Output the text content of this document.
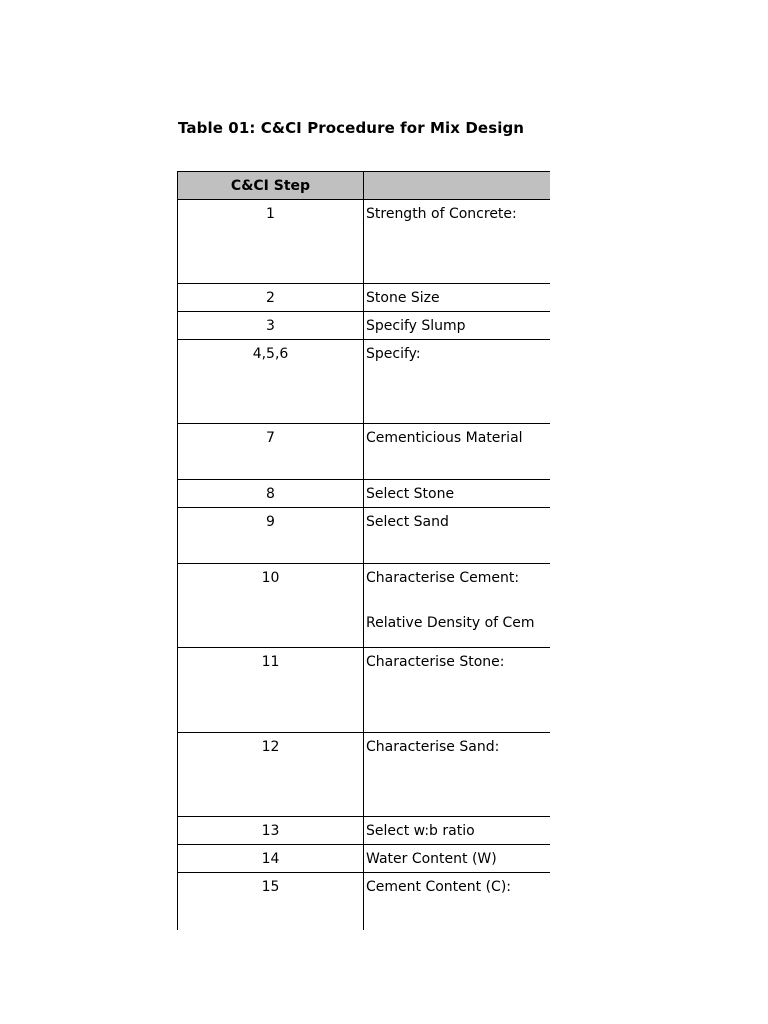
Table 01: C&CI Procedure for Mix Design
C&CI Step	
1	Strength of Concrete:
2	Stone Size
3	Specify Slump
4,5,6	Specify:
7	Cementicious Material
8	Select Stone
9	Select Sand
10	Characterise Cement:
Relative Density of Cem

11	Characterise Stone:
12	Characterise Sand:
13	Select w:b ratio
14	Water Content (W)
15	Cement Content (C):
